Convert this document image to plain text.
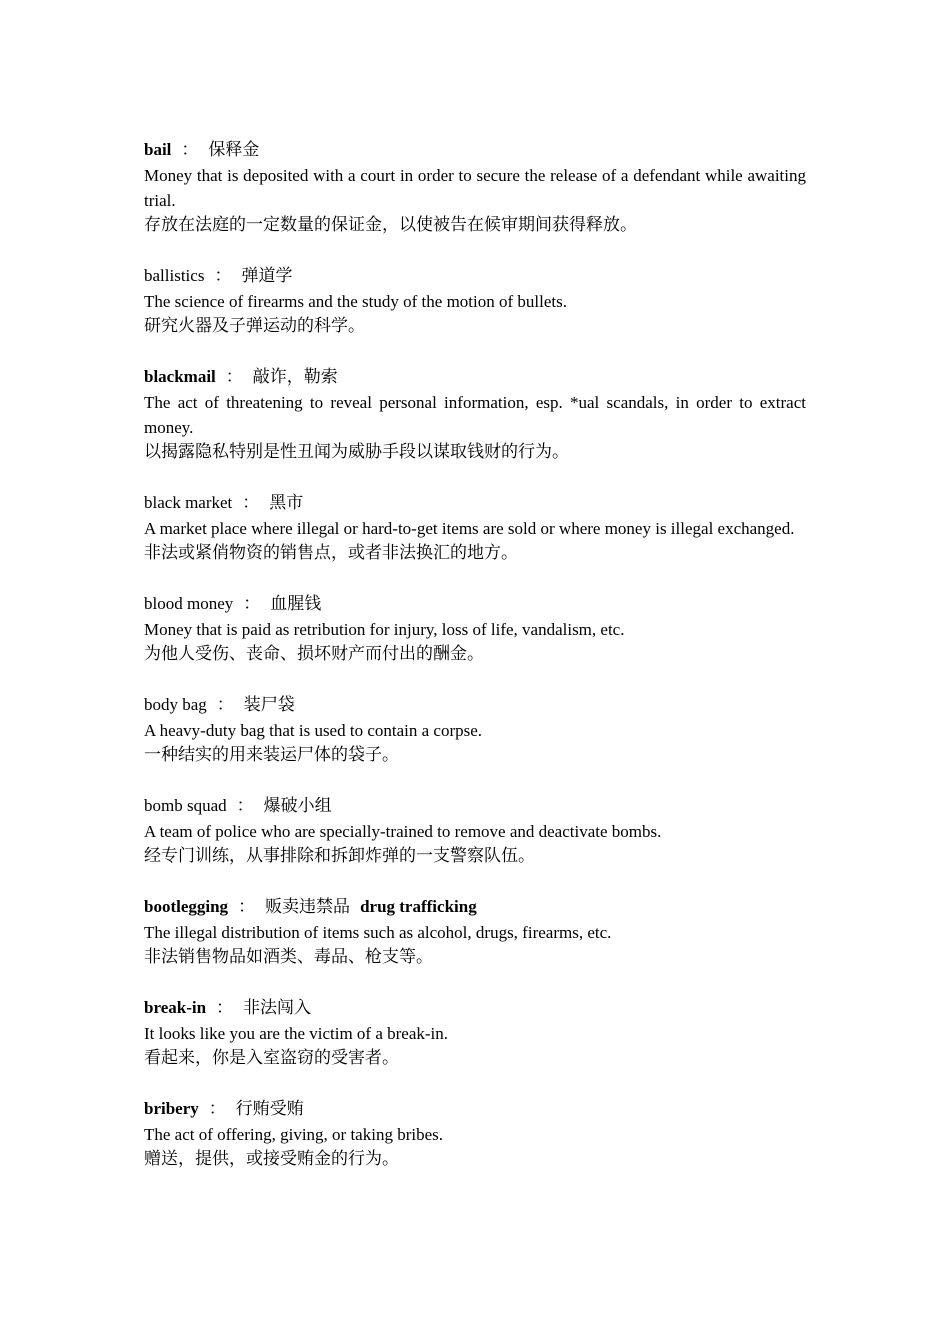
bail ： 保释金

Money that is deposited with a court in order to secure the release of a defendant while awaiting trial.

存放在法庭的一定数量的保证金，以使被告在候审期间获得释放。

ballistics ： 弹道学

The science of firearms and the study of the motion of bullets.

研究火器及子弹运动的科学。

blackmail ： 敲诈，勒索

The act of threatening to reveal personal information, esp. *ual scandals, in order to extract money.

以揭露隐私特别是性丑闻为威胁手段以谋取钱财的行为。

black market ： 黑市

A market place where illegal or hard-to-get items are sold or where money is illegal exchanged.

非法或紧俏物资的销售点，或者非法换汇的地方。

blood money ： 血腥钱

Money that is paid as retribution for injury, loss of life, vandalism, etc.

为他人受伤、丧命、损坏财产而付出的酬金。

body bag ： 装尸袋

A heavy-duty bag that is used to contain a corpse.

一种结实的用来装运尸体的袋子。

bomb squad ： 爆破小组

A team of police who are specially-trained to remove and deactivate bombs.

经专门训练，从事排除和拆卸炸弹的一支警察队伍。

bootlegging ： 贩卖违禁品 drug trafficking

The illegal distribution of items such as alcohol, drugs, firearms, etc.

非法销售物品如酒类、毒品、枪支等。

break-in ： 非法闯入

It looks like you are the victim of a break-in.

看起来，你是入室盗窃的受害者。

bribery ： 行贿受贿

The act of offering, giving, or taking bribes.

赠送，提供，或接受贿金的行为。
